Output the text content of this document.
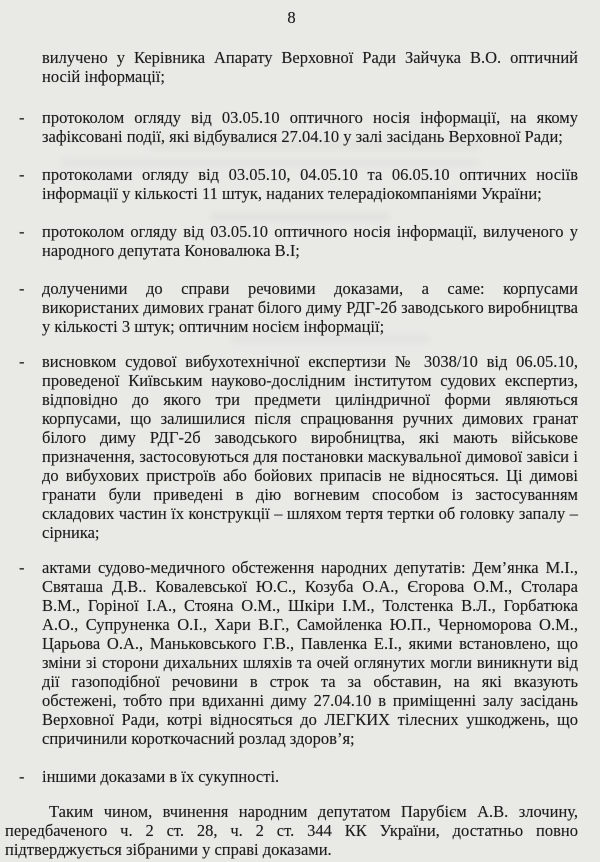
8

вилучено у Керівника Апарату Верховної Ради Зайчука В.О. оптичний носій інформації;

- протоколом огляду від 03.05.10 оптичного носія інформації, на якому зафіксовані події, які відбувалися 27.04.10 у залі засідань Верховної Ради;
- протоколами огляду від 03.05.10, 04.05.10 та 06.05.10 оптичних носіїв інформації у кількості 11 штук, наданих телерадіокомпаніями України;
- протоколом огляду від 03.05.10 оптичного носія інформації, вилученого у народного депутата Коновалюка В.І;
- долученими до справи речовими доказами, а саме: корпусами використаних димових гранат білого диму РДГ-2б заводського виробництва у кількості 3 штук; оптичним носієм інформації;
- висновком судової вибухотехнічної експертизи № 3038/10 від 06.05.10, проведеної Київським науково-дослідним інститутом судових експертиз, відповідно до якого три предмети циліндричної форми являються корпусами, що залишилися після спрацювання ручних димових гранат білого диму РДГ-2б заводського виробництва, які мають військове призначення, застосовуються для постановки маскувальної димової завіси і до вибухових пристроїв або бойових припасів не відносяться. Ці димові гранати були приведені в дію вогневим способом із застосуванням складових частин їх конструкції – шляхом тертя тертки об головку запалу – сірника;
- актами судово-медичного обстеження народних депутатів: Дем’янка М.І., Святаша Д.В.. Ковалевської Ю.С., Козуба О.А., Єгорова О.М., Столара В.М., Горіної І.А., Стояна О.М., Шкіри І.М., Толстенка В.Л., Горбатюка А.О., Супруненка О.І., Хари В.Г., Самойленка Ю.П., Черноморова О.М., Царьова О.А., Маньковського Г.В., Павленка Е.І., якими встановлено, що зміни зі сторони дихальних шляхів та очей оглянутих могли виникнути від дії газоподібної речовини в строк та за обставин, на які вказують обстежені, тобто при вдиханні диму 27.04.10 в приміщенні залу засідань Верховної Ради, котрі відносяться до ЛЕГКИХ тілесних ушкоджень, що спричинили короткочасний розлад здоров’я;
- іншими доказами в їх сукупності.

Таким чином, вчинення народним депутатом Парубієм А.В. злочину, передбаченого ч. 2 ст. 28, ч. 2 ст. 344 КК України, достатньо повно підтверджується зібраними у справі доказами.
